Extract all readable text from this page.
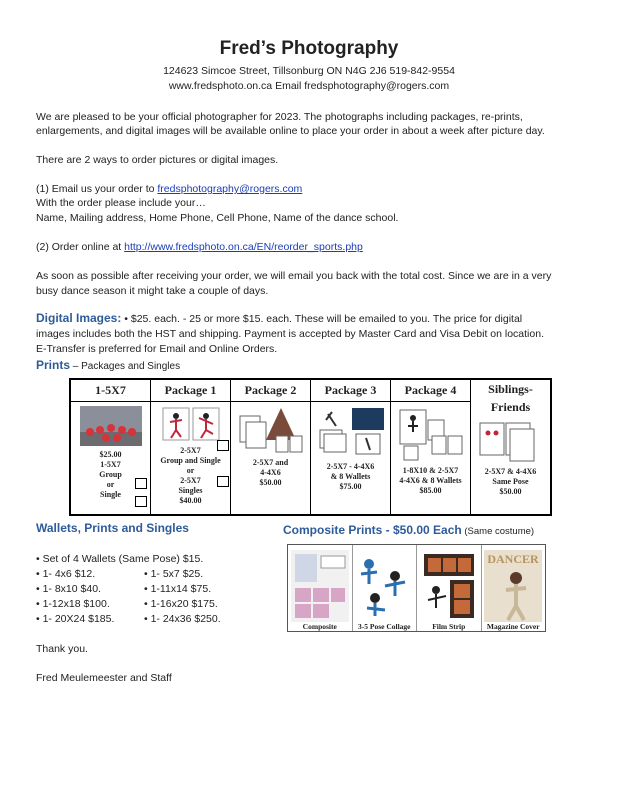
Fred’s Photography
124623 Simcoe Street, Tillsonburg ON N4G 2J6 519-842-9554
www.fredsphoto.on.ca Email fredsphotography@rogers.com
We are pleased to be your official photographer for 2023. The photographs including packages, re-prints,
enlargements, and digital images will be available online to place your order in about a week after picture day.
There are 2 ways to order pictures or digital images.
(1) Email us your order to fredsphotography@rogers.com
With the order please include your…
Name, Mailing address, Home Phone, Cell Phone, Name of the dance school.
(2) Order online at http://www.fredsphoto.on.ca/EN/reorder_sports.php
As soon as possible after receiving your order, we will email you back with the total cost. Since we are in a very
busy dance season it might take a couple of days.
Digital Images: • $25. each. - 25 or more $15. each. These will be emailed to you. The price for digital
images includes both the HST and shipping. Payment is accepted by Master Card and Visa Debit on location.
E-Transfer is preferred for Email and Online Orders.
Prints – Packages and Singles
1-5X7
$25.00
1-5X7
Group
or
Single
Package 1
2-5X7
Group and Single
or
2-5X7
Singles
$40.00
Package 2
2-5X7 and
4-4X6
$50.00
Package 3
2-5X7 - 4-4X6
& 8 Wallets
$75.00
Package 4
1-8X10 & 2-5X7
4-4X6 & 8 Wallets
$85.00
Siblings-
Friends
2-5X7 & 4-4X6
Same Pose
$50.00
Wallets, Prints and Singles
• Set of 4 Wallets (Same Pose) $15.
• 1- 4x6 $12.
• 1- 8x10 $40.
• 1-12x18 $100.
• 1- 20X24 $185.
• 1- 5x7 $25.
• 1-11x14 $75.
• 1-16x20 $175.
• 1- 24x36 $250.
Composite Prints - $50.00 Each (Same costume)
Composite	3-5 Pose Collage	Film Strip
DANCER
Magazine Cover
Thank you.
Fred Meulemeester and Staff
